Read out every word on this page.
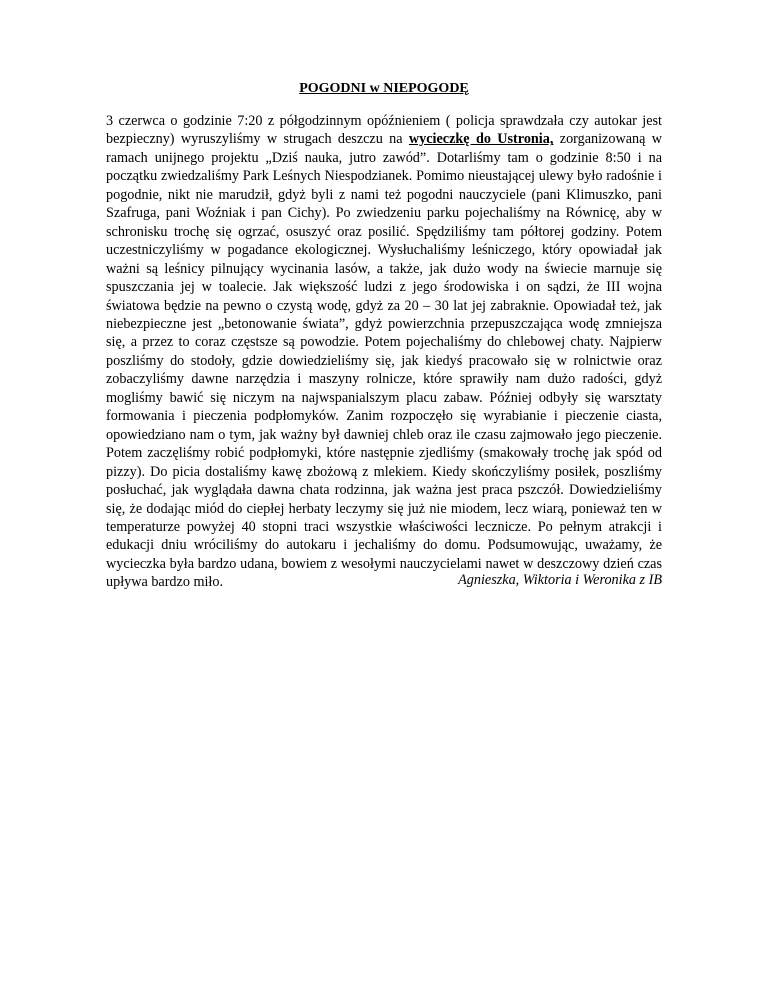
POGODNI w NIEPOGODĘ

3 czerwca o godzinie 7:20 z półgodzinnym opóźnieniem ( policja sprawdzała czy autokar jest bezpieczny) wyruszyliśmy w strugach deszczu na wycieczkę do Ustronia, zorganizowaną w ramach unijnego projektu „Dziś nauka, jutro zawód”. Dotarliśmy tam o godzinie 8:50 i na początku zwiedzaliśmy Park Leśnych Niespodzianek. Pomimo nieustającej ulewy było radośnie i pogodnie, nikt nie marudził, gdyż byli z nami też pogodni nauczyciele (pani Klimuszko, pani Szafruga, pani Woźniak i pan Cichy). Po zwiedzeniu parku pojechaliśmy na Równicę, aby w schronisku trochę się ogrzać, osuszyć oraz posilić. Spędziliśmy tam półtorej godziny. Potem uczestniczyliśmy w pogadance ekologicznej. Wysłuchaliśmy leśniczego, który opowiadał jak ważni są leśnicy pilnujący wycinania lasów, a także, jak dużo wody na świecie marnuje się spuszczania jej w toalecie. Jak większość ludzi z jego środowiska i on sądzi, że III wojna światowa będzie na pewno o czystą wodę, gdyż za 20 – 30 lat jej zabraknie. Opowiadał też, jak niebezpieczne jest „betonowanie świata”, gdyż powierzchnia przepuszczająca wodę zmniejsza się, a przez to coraz częstsze są powodzie. Potem pojechaliśmy do chlebowej chaty. Najpierw poszliśmy do stodoły, gdzie dowiedzieliśmy się, jak kiedyś pracowało się w rolnictwie oraz zobaczyliśmy dawne narzędzia i maszyny rolnicze, które sprawiły nam dużo radości, gdyż mogliśmy bawić się niczym na najwspanialszym placu zabaw. Później odbyły się warsztaty formowania i pieczenia podpłomyków. Zanim rozpoczęło się wyrabianie i pieczenie ciasta, opowiedziano nam o tym, jak ważny był dawniej chleb oraz ile czasu zajmowało jego pieczenie. Potem zaczęliśmy robić podpłomyki, które następnie zjedliśmy (smakowały trochę jak spód od pizzy). Do picia dostaliśmy kawę zbożową z mlekiem. Kiedy skończyliśmy posiłek, poszliśmy posłuchać, jak wyglądała dawna chata rodzinna, jak ważna jest praca pszczół. Dowiedzieliśmy się, że dodając miód do ciepłej herbaty leczymy się już nie miodem, lecz wiarą, ponieważ ten w temperaturze powyżej 40 stopni traci wszystkie właściwości lecznicze. Po pełnym atrakcji i edukacji dniu wróciliśmy do autokaru i jechaliśmy do domu. Podsumowując, uważamy, że wycieczka była bardzo udana, bowiem z wesołymi nauczycielami nawet w deszczowy dzień czas upływa bardzo miło.	Agnieszka, Wiktoria i Weronika z IB
